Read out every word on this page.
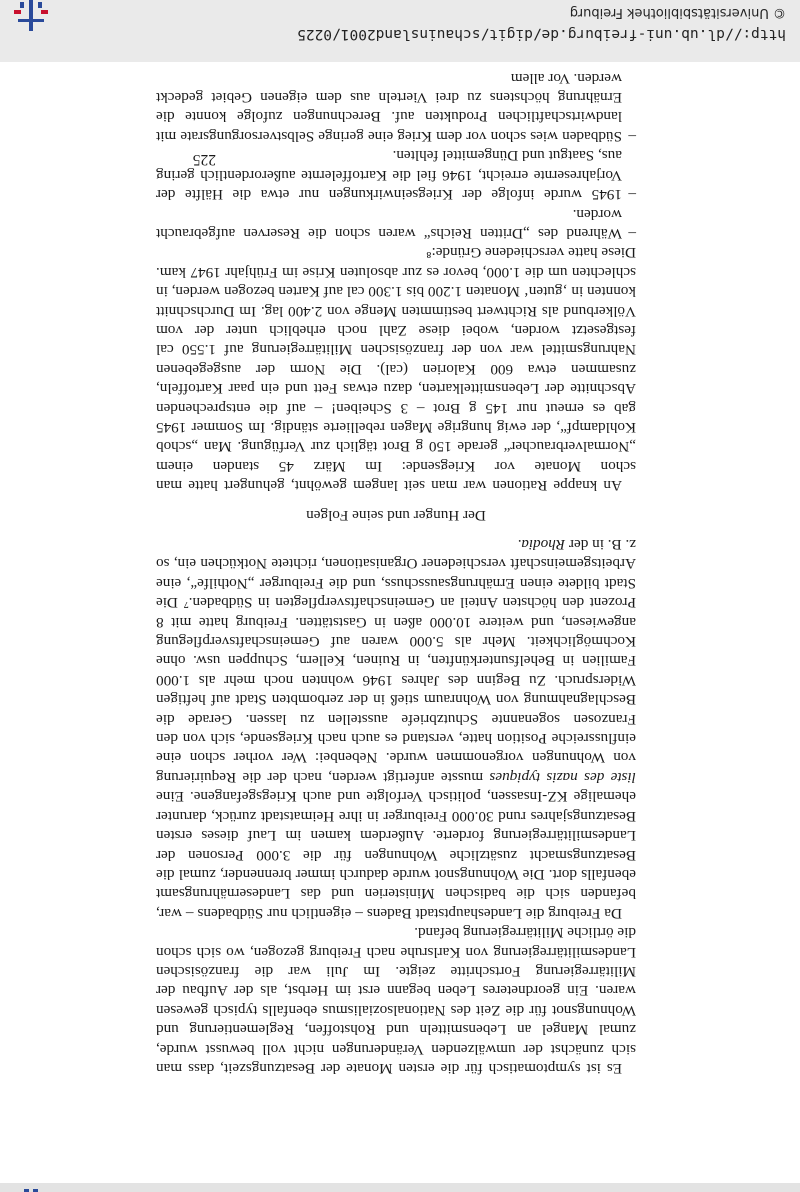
Es ist symptomatisch für die ersten Monate der Besatzungszeit, dass man sich zunächst der umwälzenden Veränderungen nicht voll bewusst wurde, zumal Mangel an Lebensmitteln und Rohstoffen, Reglementierung und Wohnungsnot für die Zeit des Nationalsozialismus ebenfalls typisch gewesen waren. Ein geordneteres Leben begann erst im Herbst, als der Aufbau der Militärregierung Fortschritte zeigte. Im Juli war die französischen Landesmilitärregierung von Karlsruhe nach Freiburg gezogen, wo sich schon die örtliche Militärregierung befand.

Da Freiburg die Landeshauptstadt Badens – eigentlich nur Südbadens – war, befanden sich die badischen Ministerien und das Landesernährungsamt ebenfalls dort. Die Wohnungsnot wurde dadurch immer brennender, zumal die Besatzungsmacht zusätzliche Wohnungen für die 3.000 Personen der Landesmilitärregierung forderte. Außerdem kamen im Lauf dieses ersten Besatzungsjahres rund 30.000 Freiburger in ihre Heimatstadt zurück, darunter ehemalige KZ-Insassen, politisch Verfolgte und auch Kriegsgefangene. Eine liste des nazis typiques musste anfertigt werden, nach der die Requirierung von Wohnungen vorgenommen wurde. Nebenbei: Wer vorher schon eine einflussreiche Position hatte, verstand es auch nach Kriegsende, sich von den Franzosen sogenannte Schutzbriefe ausstellen zu lassen. Gerade die Beschlagnahmung von Wohnraum stieß in der zerbombten Stadt auf heftigen Widerspruch. Zu Beginn des Jahres 1946 wohnten noch mehr als 1.000 Familien in Behelfsunterkünften, in Ruinen, Kellern, Schuppen usw. ohne Kochmöglichkeit. Mehr als 5.000 waren auf Gemeinschaftsverpflegung angewiesen, und weitere 10.000 aßen in Gaststätten. Freiburg hatte mit 8 Prozent den höchsten Anteil an Gemeinschaftsverpflegten in Südbaden.⁷ Die Stadt bildete einen Ernährungsausschuss, und die Freiburger „Nothilfe“, eine Arbeitsgemeinschaft verschiedener Organisationen, richtete Notküchen ein, so z. B. in der Rhodia.

Der Hunger und seine Folgen

An knappe Rationen war man seit langem gewöhnt, gehungert hatte man schon Monate vor Kriegsende: Im März 45 standen einem „Normalverbraucher“ gerade 150 g Brot täglich zur Verfügung. Man „schob Kohldampf“, der ewig hungrige Magen rebellierte ständig. Im Sommer 1945 gab es erneut nur 145 g Brot – 3 Scheiben! – auf die entsprechenden Abschnitte der Lebensmittelkarten, dazu etwas Fett und ein paar Kartoffeln, zusammen etwa 600 Kalorien (cal). Die Norm der ausgegebenen Nahrungsmittel war von der französischen Militärregierung auf 1.550 cal festgesetzt worden, wobei diese Zahl noch erheblich unter der vom Völkerbund als Richtwert bestimmten Menge von 2.400 lag. Im Durchschnitt konnten in ‚guten‘ Monaten 1.200 bis 1.300 cal auf Karten bezogen werden, in schlechten um die 1.000, bevor es zur absoluten Krise im Frühjahr 1947 kam. Diese hatte verschiedene Gründe:⁸

–
Während des „Dritten Reichs“ waren schon die Reserven aufgebraucht worden.
–
1945 wurde infolge der Kriegseinwirkungen nur etwa die Hälfte der Vorjahresernte erreicht, 1946 fiel die Kartoffelernte außerordentlich gering aus, Saatgut und Düngemittel fehlten.
–
Südbaden wies schon vor dem Krieg eine geringe Selbstversorgungsrate mit landwirtschaftlichen Produkten auf. Berechnungen zufolge konnte die Ernährung höchstens zu drei Vierteln aus dem eigenen Gebiet gedeckt werden. Vor allem
225
http://dl.ub.uni-freiburg.de/digit/schauinsland2001/0225
© Universitätsbibliothek Freiburg
